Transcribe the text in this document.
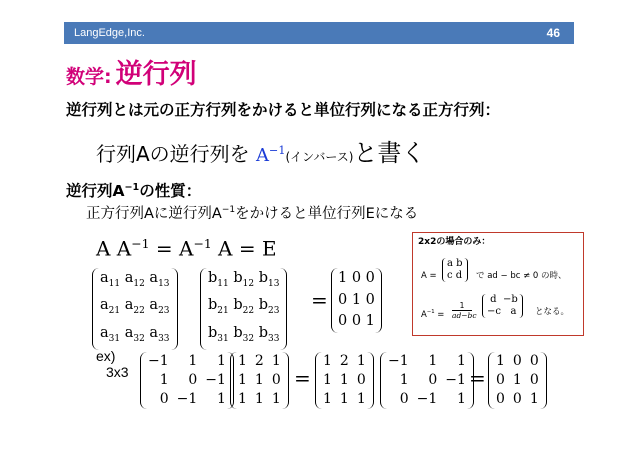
LangEdge,Inc.	46
数学: 逆行列
逆行列とは元の正方行列をかけると単位行列になる正方行列：
行列Aの逆行列を $A^{-1}$(インバース)と書く
逆行列$A^{-1}$の性質：
正方行列Aに逆行列$A^{-1}$をかけると単位行列Eになる
A $A^{-1} = A^{-1}$ A = E
$a_{11}$ $a_{12}$ $a_{13}$
$a_{21}$ $a_{22}$ $a_{23}$
$a_{31}$ $a_{32}$ $a_{33}$
$b_{11}$ $b_{12}$ $b_{13}$
$b_{21}$ $b_{22}$ $b_{23}$
$b_{31}$ $b_{32}$ $b_{33}$
=
1 0 0
0 1 0
0 0 1
2x2の場合のみ：
A =
a b
c d で ad − bc ≠ 0 の時、
$A^{-1} = \frac{1}{ad-bc}$
d  −b
−c   a となる。
ex)
3x3
−1	1	1
1	0	−1
0	−1	1
1	2	1
1	1	0
1	1	1
=
1	2	1
1	1	0
1	1	1
−1	1	1
1	0	−1
0	−1	1
=
1	0	0
0	1	0
0	0	1
